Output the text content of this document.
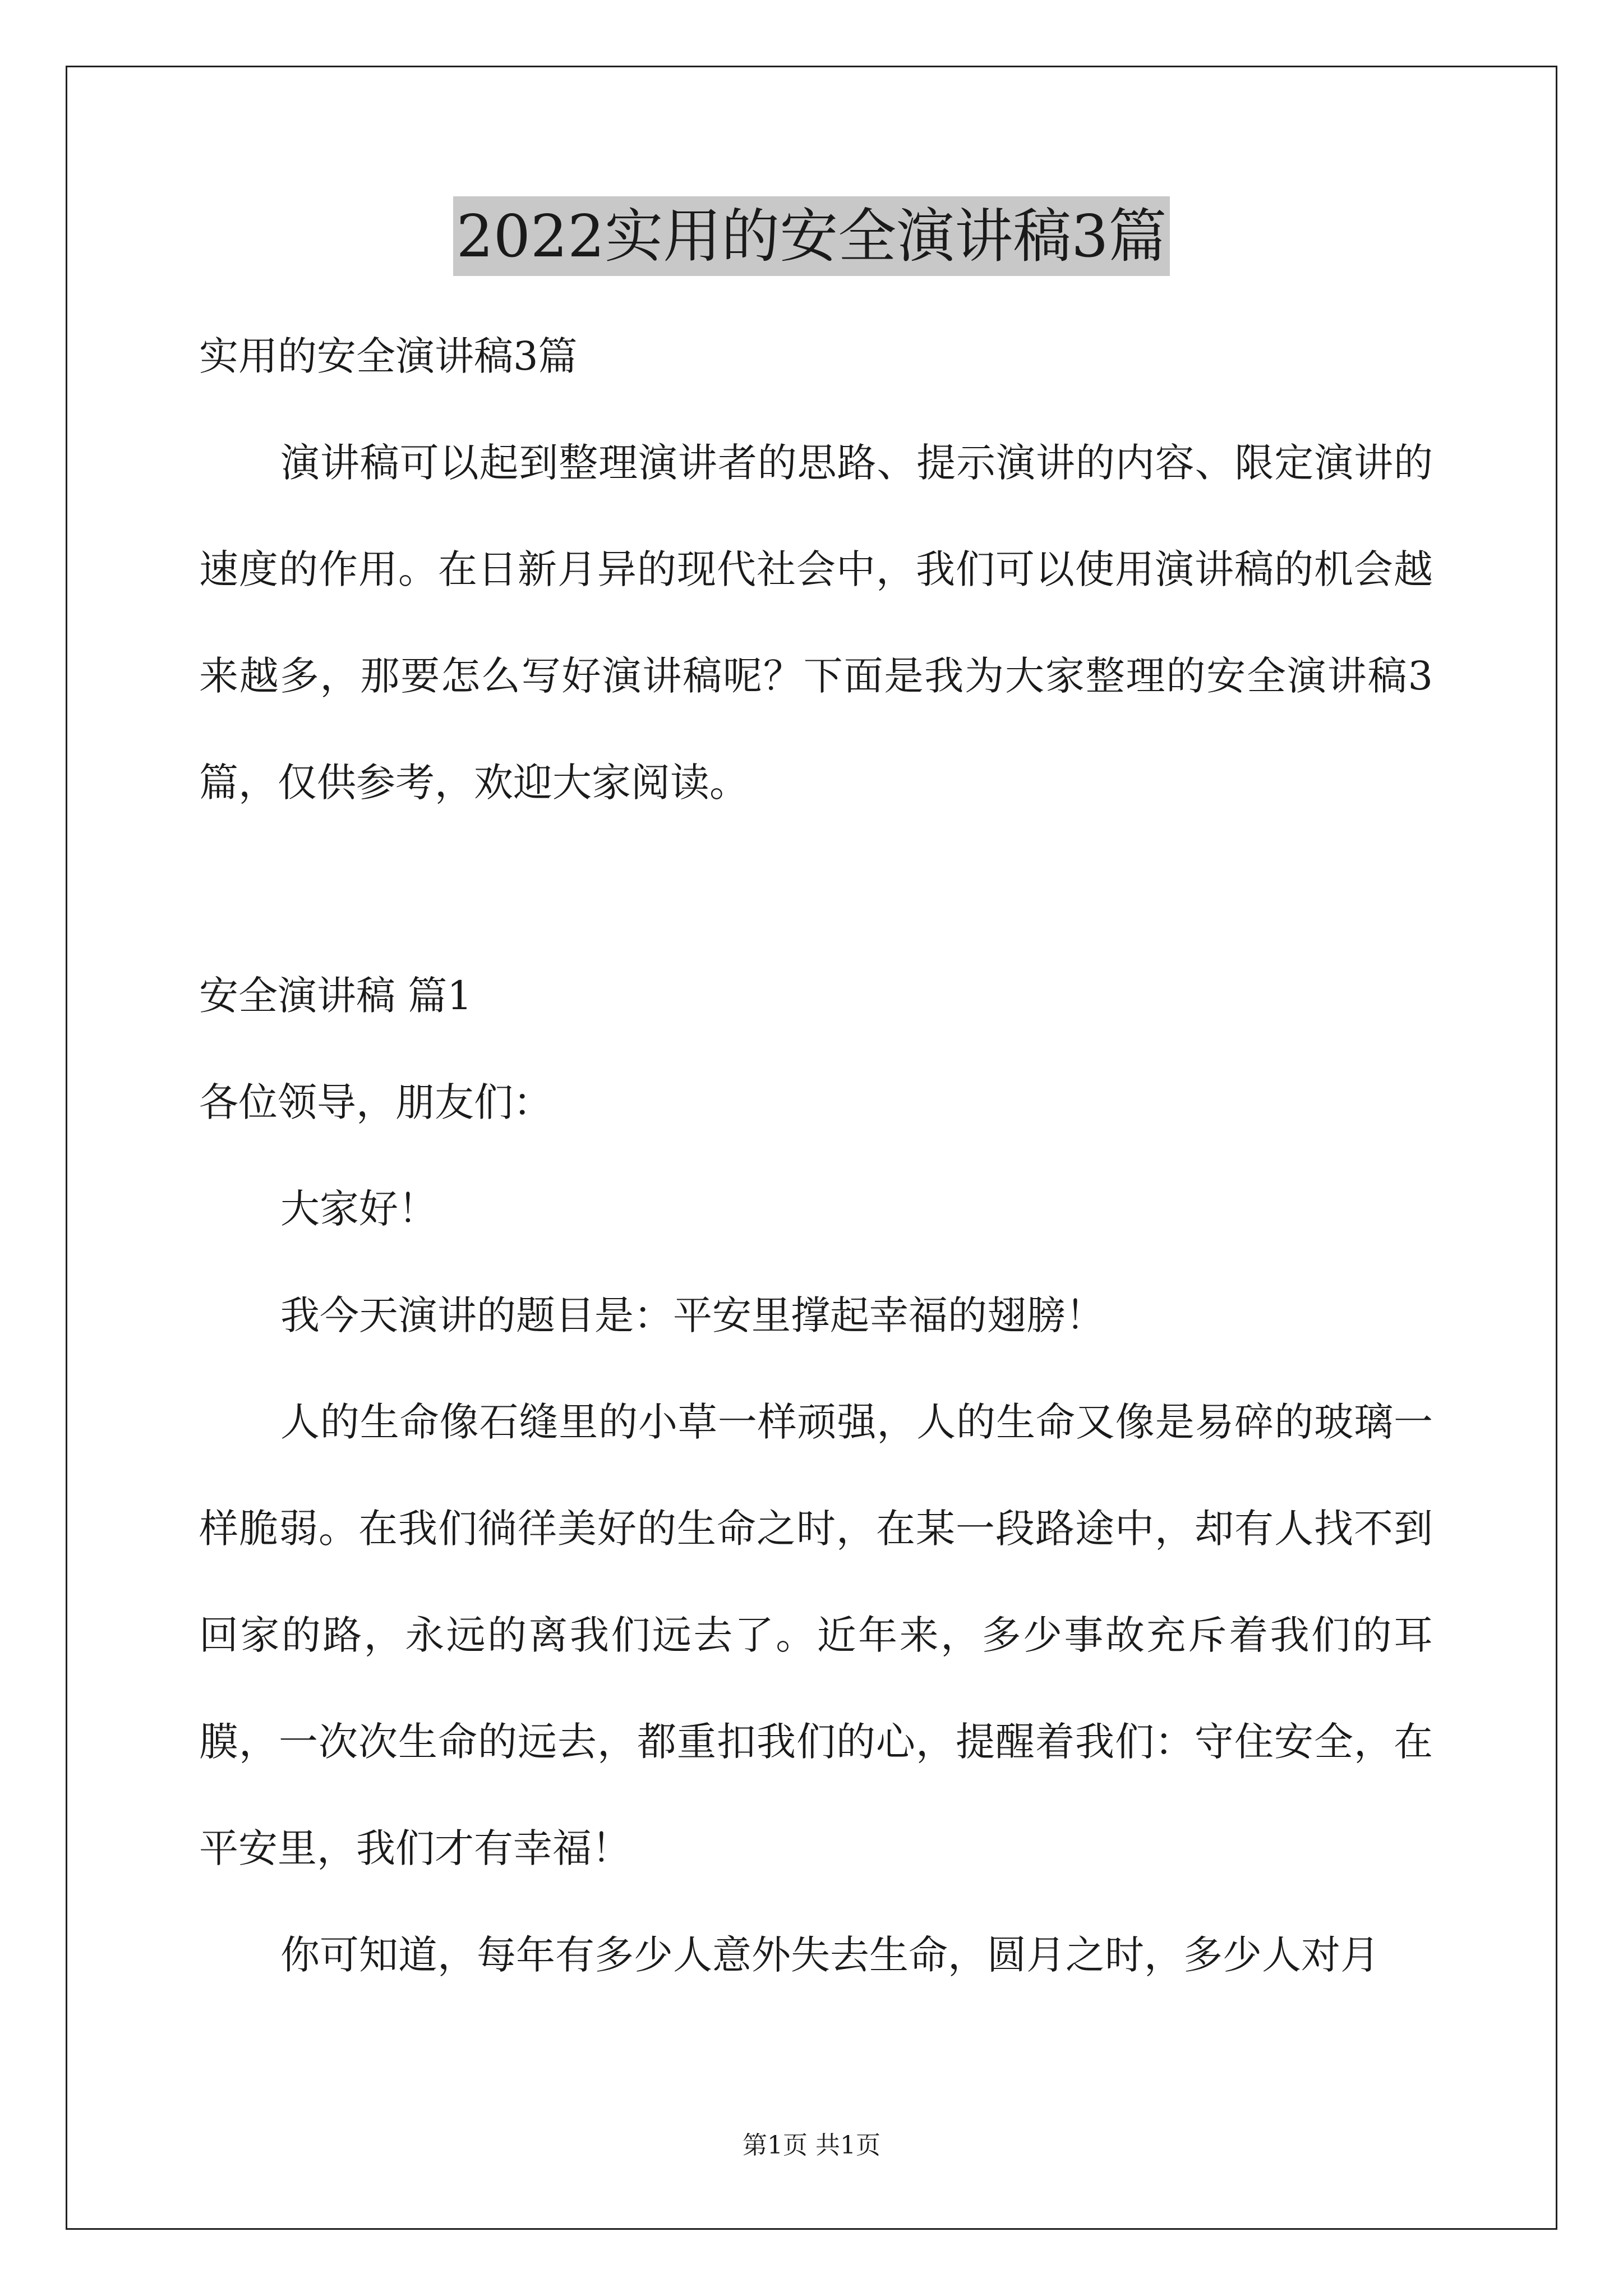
2022实用的安全演讲稿3篇

实用的安全演讲稿3篇

演讲稿可以起到整理演讲者的思路、提示演讲的内容、限定演讲的速度的作用。在日新月异的现代社会中，我们可以使用演讲稿的机会越来越多，那要怎么写好演讲稿呢？下面是我为大家整理的安全演讲稿3篇，仅供参考，欢迎大家阅读。

安全演讲稿 篇1

各位领导，朋友们：

大家好！

我今天演讲的题目是：平安里撑起幸福的翅膀！

人的生命像石缝里的小草一样顽强，人的生命又像是易碎的玻璃一样脆弱。在我们徜徉美好的生命之时，在某一段路途中，却有人找不到回家的路，永远的离我们远去了。近年来，多少事故充斥着我们的耳膜，一次次生命的远去，都重扣我们的心，提醒着我们：守住安全，在平安里，我们才有幸福！

你可知道，每年有多少人意外失去生命，圆月之时，多少人对月

第1页 共1页
